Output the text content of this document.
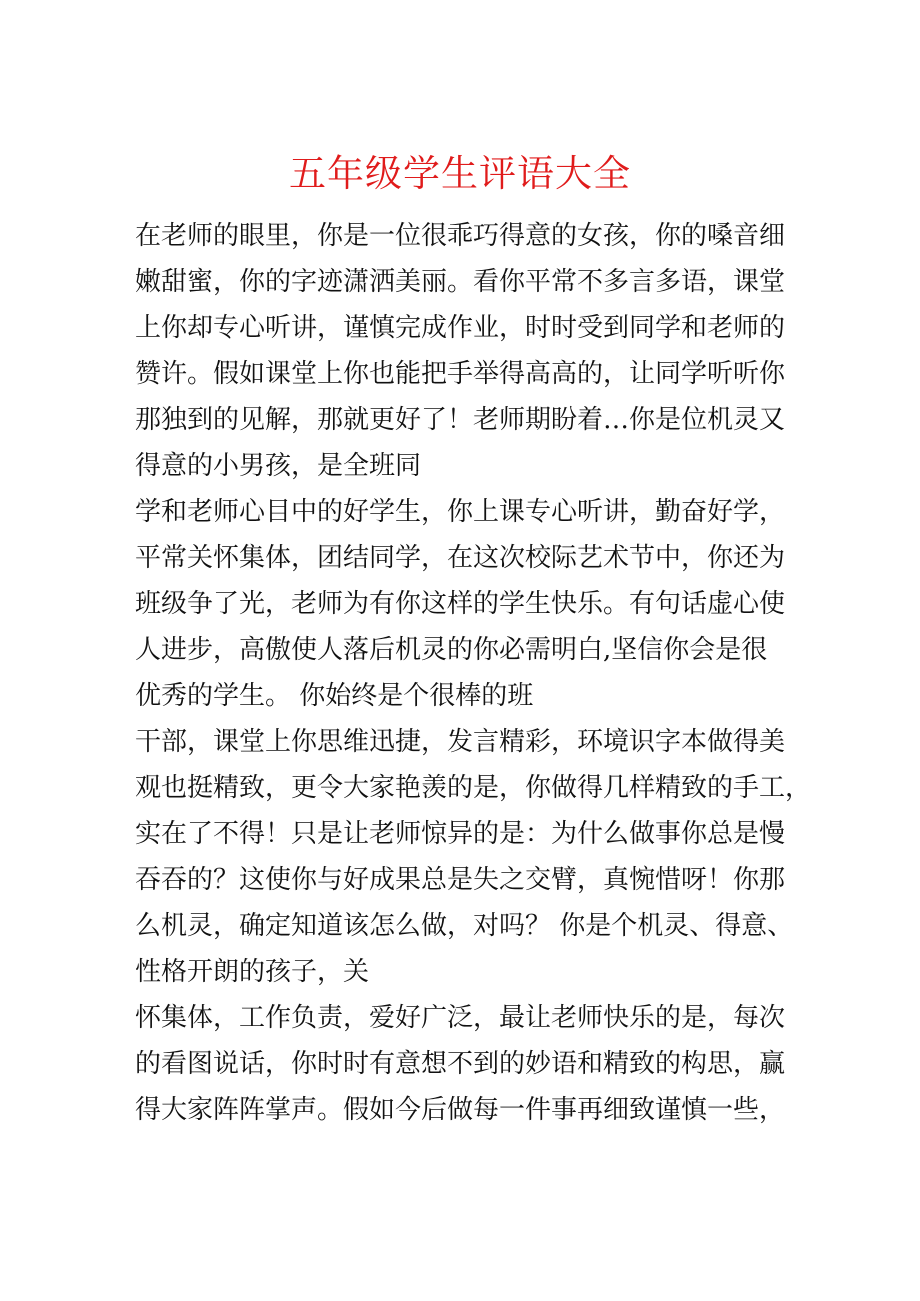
五年级学生评语大全
在老师的眼里，你是一位很乖巧得意的女孩，你的嗓音细
嫩甜蜜，你的字迹潇洒美丽。看你平常不多言多语，课堂
上你却专心听讲，谨慎完成作业，时时受到同学和老师的
赞许。假如课堂上你也能把手举得高高的，让同学听听你
那独到的见解，那就更好了！老师期盼着…你是位机灵又
得意的小男孩，是全班同
学和老师心目中的好学生，你上课专心听讲，勤奋好学，
平常关怀集体，团结同学，在这次校际艺术节中，你还为
班级争了光，老师为有你这样的学生快乐。有句话虚心使
人进步，高傲使人落后机灵的你必需明白,坚信你会是很
优秀的学生。 你始终是个很棒的班
干部，课堂上你思维迅捷，发言精彩，环境识字本做得美
观也挺精致，更令大家艳羡的是，你做得几样精致的手工，
实在了不得！只是让老师惊异的是：为什么做事你总是慢
吞吞的？这使你与好成果总是失之交臂，真惋惜呀！你那
么机灵，确定知道该怎么做，对吗？ 你是个机灵、得意、
性格开朗的孩子，关
怀集体，工作负责，爱好广泛，最让老师快乐的是，每次
的看图说话，你时时有意想不到的妙语和精致的构思，赢
得大家阵阵掌声。假如今后做每一件事再细致谨慎一些，
